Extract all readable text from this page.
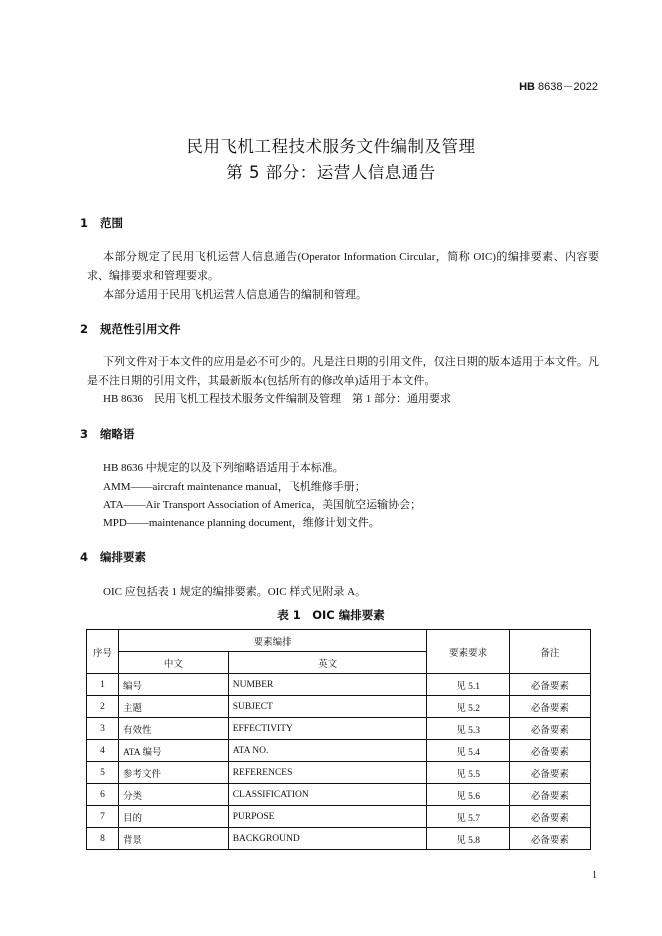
HB 8638－2022
民用飞机工程技术服务文件编制及管理
第 5 部分：运营人信息通告
1 范围
本部分规定了民用飞机运营人信息通告(Operator Information Circular，简称 OIC)的编排要素、内容要求、编排要求和管理要求。
本部分适用于民用飞机运营人信息通告的编制和管理。
2 规范性引用文件
下列文件对于本文件的应用是必不可少的。凡是注日期的引用文件，仅注日期的版本适用于本文件。凡是不注日期的引用文件，其最新版本(包括所有的修改单)适用于本文件。
HB 8636　民用飞机工程技术服务文件编制及管理　第 1 部分：通用要求
3 缩略语
HB 8636 中规定的以及下列缩略语适用于本标准。
AMM——aircraft maintenance manual，飞机维修手册；
ATA——Air Transport Association of America，美国航空运输协会；
MPD——maintenance planning document，维修计划文件。
4 编排要素
OIC 应包括表 1 规定的编排要素。OIC 样式见附录 A。
表 1　OIC 编排要素
序号	要素编排		要素要求	备注
	中文	英文		
1	编号	NUMBER	见 5.1	必备要素
2	主题	SUBJECT	见 5.2	必备要素
3	有效性	EFFECTIVITY	见 5.3	必备要素
4	ATA 编号	ATA NO.	见 5.4	必备要素
5	参考文件	REFERENCES	见 5.5	必备要素
6	分类	CLASSIFICATION	见 5.6	必备要素
7	目的	PURPOSE	见 5.7	必备要素
8	背景	BACKGROUND	见 5.8	必备要素
1
